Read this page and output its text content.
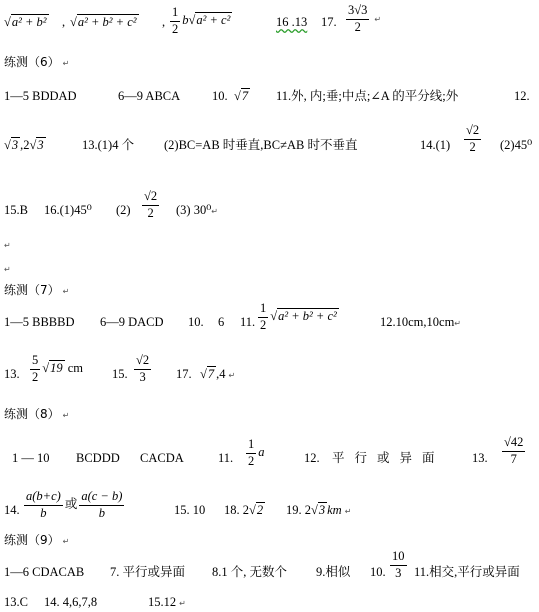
√a² + b² , √a² + b² + c² , $\frac{1}{2} b√a^2 + c^2$	16 .13 17. $\frac{3√3}{2}$ ↵
练测（6） ↵
1—5 BDDAD	6—9 ABCA	10. √7 11.外, 内;垂;中点;∠A 的平分线;外	12.
√3 ,2√3	13.(1)4 个 (2)BC=AB 时垂直,BC≠AB 时不垂直	$14.(1) \frac{√2}{2} (2)45^0$
15.B 16.(1)45⁰ $(2) \frac{√2}{2} (3)$ 30⁰↵
↵
↵
练测（7） ↵
1—5 BBBBD 6—9 DACD 10. 6 11. $\frac{1}{2} √a^2 + b^2 + c^2$	12.10cm,10cm↵
13. $\frac{5}{2} √19$ cm 15. $\frac{√2}{3} 17$. √7 ,4 ↵
练测（8） ↵
1 — 10 BCDDD CACDA	11. $\frac{1}{2}$ a	12. 平行或异面 13. $\frac{√42}{7}$
14. $\frac{a(b+c)}{b}$ 或 $\frac{a(c - b)}{b}$	15. 10 18. 2√2 19. 2√3 km ↵
练测（9） ↵
1—6 CDACAB 7. 平行或异面 8.1 个, 无数个 9.相似 10. $\frac{10}{3} 11$.相交,平行或异面
13.C 14. 4,6,7,8	15.12 ↵
